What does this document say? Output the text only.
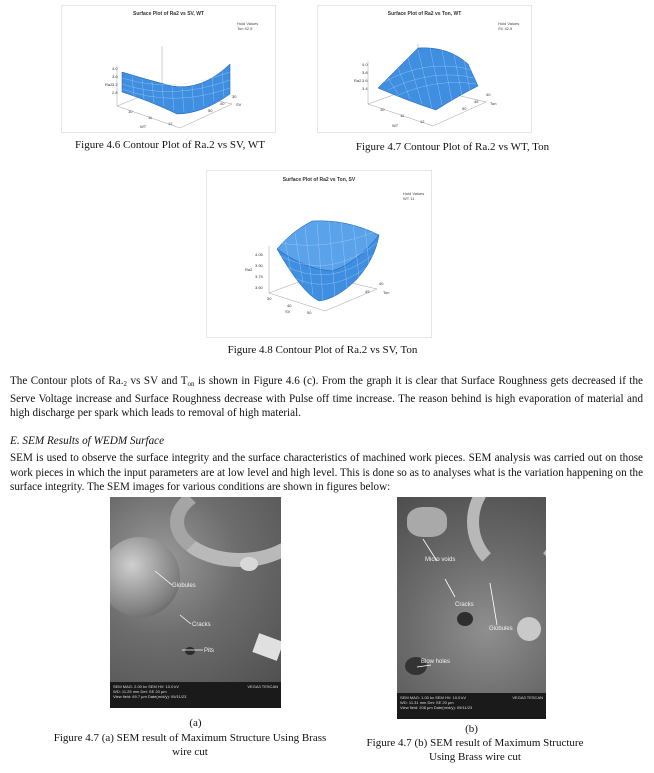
Surface Plot of Ra2 vs SV, WT
Hold Values
Ton 42.5
Ra2
4.0
3.6
3.2
2.8
10
11
12
WT
30
40
50
SV
Figure 4.6 Contour Plot of Ra.2 vs SV, WT
Surface Plot of Ra2 vs Ton, WT
Hold Values
SV 42.5
Ra2
4.0
3.8
3.6
3.4
10
11
12
WT
40
45
50
Ton
Figure 4.7 Contour Plot of Ra.2 vs WT, Ton
Surface Plot of Ra2 vs Ton, SV
Hold Values
WT 11
Ra2
4.05
3.90
3.75
3.60
30
40
50
SV
40
45	Ton
Figure 4.8 Contour Plot of Ra.2 vs SV, Ton
The Contour plots of $Ra._2$ vs SV and $T_{on}$ is shown in Figure 4.6 (c). From the graph it is clear that Surface Roughness gets decreased if the Serve Voltage increase and Surface Roughness decrease with Pulse off time increase. The reason behind is high evaporation of material and high discharge per spark which leads to removal of high material.
E. SEM Results of WEDM Surface
SEM is used to observe the surface integrity and the surface characteristics of machined work pieces. SEM analysis was carried out on those work pieces in which the input parameters are at low level and high level. This is done so as to analyses what is the variation happening on the surface integrity. The SEM images for various conditions are shown in figures below:
Globules
Cracks
Pits
SEM MAG: 2.00 kx SEM HV: 10.0 kV
WD: 11.25 mm Det: SE 20 µm
View field: 69.7 µm Date(m/d/y): 09/11/23
VEGA3 TESCAN
(a)
Figure 4.7 (a) SEM result of Maximum Structure Using Brass
wire cut
Micro voids
Cracks
Globules
Blow holes
SEM MAG: 1.00 kx SEM HV: 10.0 kV
WD: 11.31 mm Det: SE 20 µm
View field: 208 µm Date(m/d/y): 09/11/23
VEGA3 TESCAN
(b)
Figure 4.7 (b) SEM result of Maximum Structure
Using Brass wire cut
